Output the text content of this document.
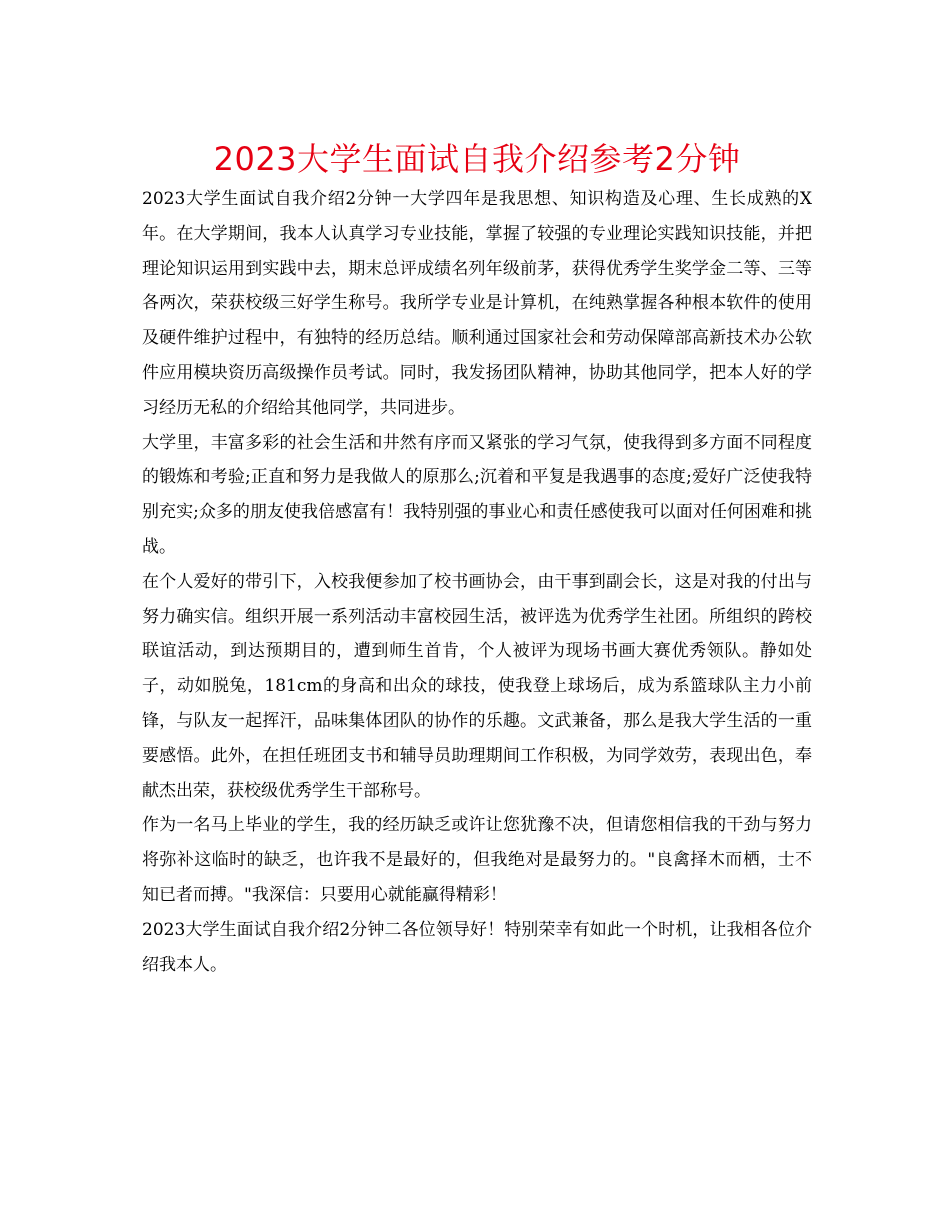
2023大学生面试自我介绍参考2分钟

2023大学生面试自我介绍2分钟一大学四年是我思想、知识构造及心理、生长成熟的X年。在大学期间，我本人认真学习专业技能，掌握了较强的专业理论实践知识技能，并把理论知识运用到实践中去，期末总评成绩名列年级前茅，获得优秀学生奖学金二等、三等各两次，荣获校级三好学生称号。我所学专业是计算机，在纯熟掌握各种根本软件的使用及硬件维护过程中，有独特的经历总结。顺利通过国家社会和劳动保障部高新技术办公软件应用模块资历高级操作员考试。同时，我发扬团队精神，协助其他同学，把本人好的学习经历无私的介绍给其他同学，共同进步。

大学里，丰富多彩的社会生活和井然有序而又紧张的学习气氛，使我得到多方面不同程度的锻炼和考验;正直和努力是我做人的原那么;沉着和平复是我遇事的态度;爱好广泛使我特别充实;众多的朋友使我倍感富有！我特别强的事业心和责任感使我可以面对任何困难和挑战。

在个人爱好的带引下，入校我便参加了校书画协会，由干事到副会长，这是对我的付出与努力确实信。组织开展一系列活动丰富校园生活，被评选为优秀学生社团。所组织的跨校联谊活动，到达预期目的，遭到师生首肯，个人被评为现场书画大赛优秀领队。静如处子，动如脱兔，181cm的身高和出众的球技，使我登上球场后，成为系篮球队主力小前锋，与队友一起挥汗，品味集体团队的协作的乐趣。文武兼备，那么是我大学生活的一重要感悟。此外，在担任班团支书和辅导员助理期间工作积极，为同学效劳，表现出色，奉献杰出荣，获校级优秀学生干部称号。

作为一名马上毕业的学生，我的经历缺乏或许让您犹豫不决，但请您相信我的干劲与努力将弥补这临时的缺乏，也许我不是最好的，但我绝对是最努力的。"良禽择木而栖，士不知已者而搏。"我深信：只要用心就能赢得精彩！

2023大学生面试自我介绍2分钟二各位领导好！特别荣幸有如此一个时机，让我相各位介绍我本人。
